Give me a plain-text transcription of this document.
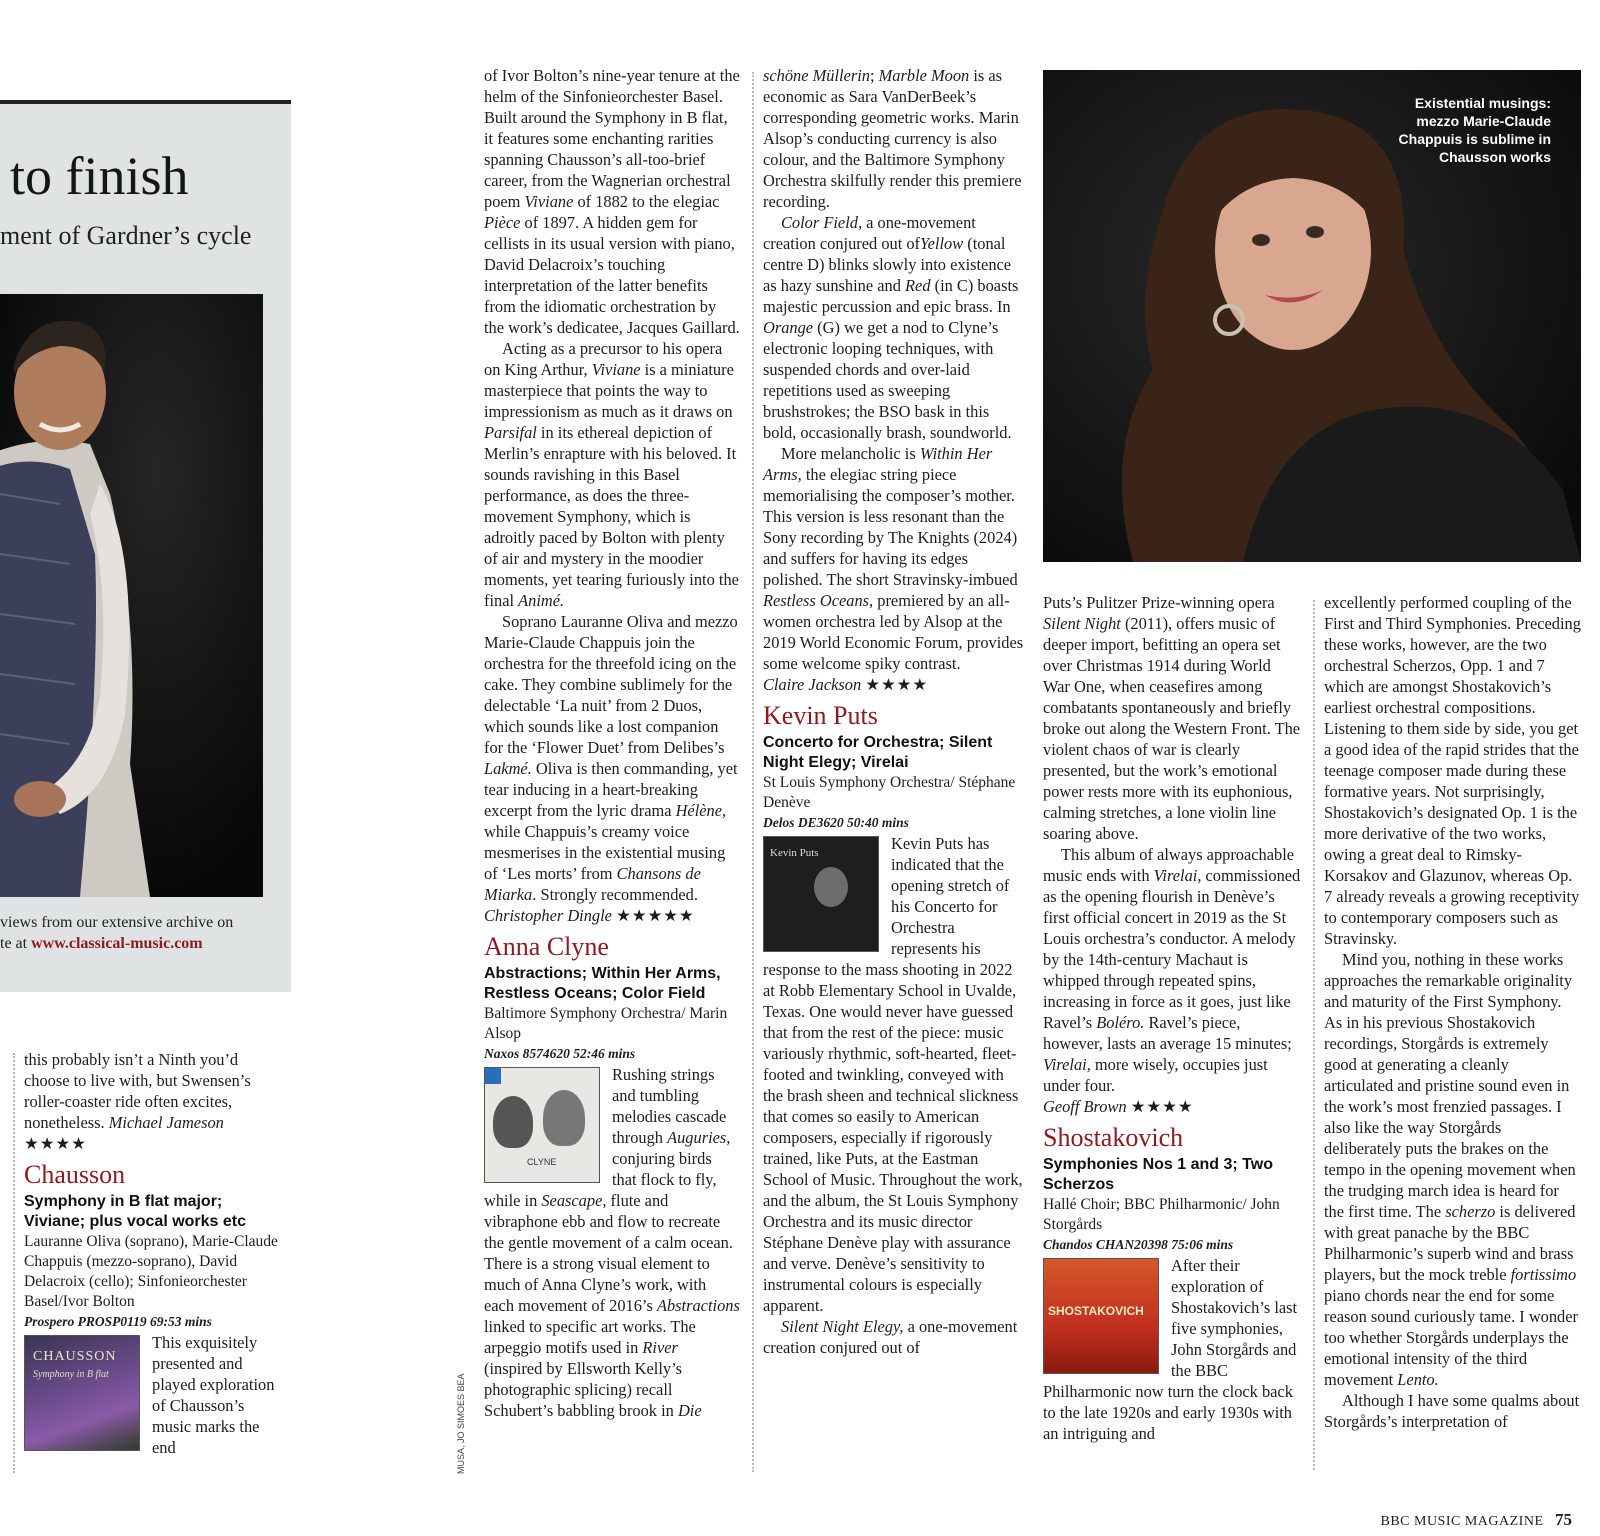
to finish
ment of Gardner’s cycle
views from our extensive archive on
te at www.classical-music.com

this probably isn’t a Ninth you’d choose to live with, but Swensen’s roller-coaster ride often excites, nonetheless. Michael Jameson

★★★★

Chausson
Symphony in B flat major; Viviane; plus vocal works etc
Lauranne Oliva (soprano), Marie-Claude Chappuis (mezzo-soprano), David Delacroix (cello); Sinfonieorchester Basel/Ivor Bolton
Prospero PROSP0119 69:53 mins
CHAUSSON
Symphony in B flat

This exquisitely presented and played exploration of Chausson’s music marks the end

of Ivor Bolton’s nine-year tenure at the helm of the Sinfonieorchester Basel. Built around the Symphony in B flat, it features some enchanting rarities spanning Chausson’s all-too-brief career, from the Wagnerian orchestral poem Viviane of 1882 to the elegiac Pièce of 1897. A hidden gem for cellists in its usual version with piano, David Delacroix’s touching interpretation of the latter benefits from the idiomatic orchestration by the work’s dedicatee, Jacques Gaillard.

Acting as a precursor to his opera on King Arthur, Viviane is a miniature masterpiece that points the way to impressionism as much as it draws on Parsifal in its ethereal depiction of Merlin’s enrapture with his beloved. It sounds ravishing in this Basel performance, as does the three-movement Symphony, which is adroitly paced by Bolton with plenty of air and mystery in the moodier moments, yet tearing furiously into the final Animé.

Soprano Lauranne Oliva and mezzo Marie-Claude Chappuis join the orchestra for the threefold icing on the cake. They combine sublimely for the delectable ‘La nuit’ from 2 Duos, which sounds like a lost companion for the ‘Flower Duet’ from Delibes’s Lakmé. Oliva is then commanding, yet tear inducing in a heart-breaking excerpt from the lyric drama Hélène, while Chappuis’s creamy voice mesmerises in the existential musing of ‘Les morts’ from Chansons de Miarka. Strongly recommended.

Christopher Dingle ★★★★★

Anna Clyne
Abstractions; Within Her Arms, Restless Oceans; Color Field
Baltimore Symphony Orchestra/ Marin Alsop
Naxos 8574620 52:46 mins
CLYNE

Rushing strings and tumbling melodies cascade through Auguries, conjuring birds that flock to fly, while in Seascape, flute and vibraphone ebb and flow to recreate the gentle movement of a calm ocean. There is a strong visual element to much of Anna Clyne’s work, with each movement of 2016’s Abstractions linked to specific art works. The arpeggio motifs used in River (inspired by Ellsworth Kelly’s photographic splicing) recall Schubert’s babbling brook in Die

MUSA, JO SIMOES BEA

schöne Müllerin; Marble Moon is as economic as Sara VanDerBeek’s corresponding geometric works. Marin Alsop’s conducting currency is also colour, and the Baltimore Symphony Orchestra skilfully render this premiere recording.

Color Field, a one-movement creation conjured out ofYellow (tonal centre D) blinks slowly into existence as hazy sunshine and Red (in C) boasts majestic percussion and epic brass. In Orange (G) we get a nod to Clyne’s electronic looping techniques, with suspended chords and over-laid repetitions used as sweeping brushstrokes; the BSO bask in this bold, occasionally brash, soundworld.

More melancholic is Within Her Arms, the elegiac string piece memorialising the composer’s mother. This version is less resonant than the Sony recording by The Knights (2024) and suffers for having its edges polished. The short Stravinsky-imbued Restless Oceans, premiered by an all-women orchestra led by Alsop at the 2019 World Economic Forum, provides some welcome spiky contrast.

Claire Jackson ★★★★

Kevin Puts
Concerto for Orchestra; Silent Night Elegy; Virelai
St Louis Symphony Orchestra/ Stéphane Denève
Delos DE3620 50:40 mins
Kevin Puts	Kevin Puts has indicated that the opening stretch of his Concerto for Orchestra represents his response to the mass shooting in 2022 at Robb Elementary School in Uvalde, Texas. One would never have guessed that from the rest of the piece: music variously rhythmic, soft-hearted, fleet-footed and twinkling, conveyed with the brash sheen and technical slickness that comes so easily to American composers, especially if rigorously trained, like Puts, at the Eastman School of Music. Throughout the work, and the album, the St Louis Symphony Orchestra and its music director Stéphane Denève play with assurance and verve. Denève’s sensitivity to instrumental colours is especially apparent.

Silent Night Elegy, a one-movement creation conjured out of

Existential musings: mezzo Marie-Claude Chappuis is sublime in Chausson works

Puts’s Pulitzer Prize-winning opera Silent Night (2011), offers music of deeper import, befitting an opera set over Christmas 1914 during World War One, when ceasefires among combatants spontaneously and briefly broke out along the Western Front. The violent chaos of war is clearly presented, but the work’s emotional power rests more with its euphonious, calming stretches, a lone violin line soaring above.

This album of always approachable music ends with Virelai, commissioned as the opening flourish in Denève’s first official concert in 2019 as the St Louis orchestra’s conductor. A melody by the 14th-century Machaut is whipped through repeated spins, increasing in force as it goes, just like Ravel’s Boléro. Ravel’s piece, however, lasts an average 15 minutes; Virelai, more wisely, occupies just under four.

Geoff Brown ★★★★

Shostakovich
Symphonies Nos 1 and 3; Two Scherzos
Hallé Choir; BBC Philharmonic/ John Storgårds
Chandos CHAN20398 75:06 mins
SHOSTAKOVICH

After their exploration of Shostakovich’s last five symphonies, John Storgårds and the BBC Philharmonic now turn the clock back to the late 1920s and early 1930s with an intriguing and

excellently performed coupling of the First and Third Symphonies. Preceding these works, however, are the two orchestral Scherzos, Opp. 1 and 7 which are amongst Shostakovich’s earliest orchestral compositions. Listening to them side by side, you get a good idea of the rapid strides that the teenage composer made during these formative years. Not surprisingly, Shostakovich’s designated Op. 1 is the more derivative of the two works, owing a great deal to Rimsky-Korsakov and Glazunov, whereas Op. 7 already reveals a growing receptivity to contemporary composers such as Stravinsky.

Mind you, nothing in these works approaches the remarkable originality and maturity of the First Symphony. As in his previous Shostakovich recordings, Storgårds is extremely good at generating a cleanly articulated and pristine sound even in the work’s most frenzied passages. I also like the way Storgårds deliberately puts the brakes on the tempo in the opening movement when the trudging march idea is heard for the first time. The scherzo is delivered with great panache by the BBC Philharmonic’s superb wind and brass players, but the mock treble fortissimo piano chords near the end for some reason sound curiously tame. I wonder too whether Storgårds underplays the emotional intensity of the third movement Lento.

Although I have some qualms about Storgårds’s interpretation of

BBC MUSIC MAGAZINE 75
